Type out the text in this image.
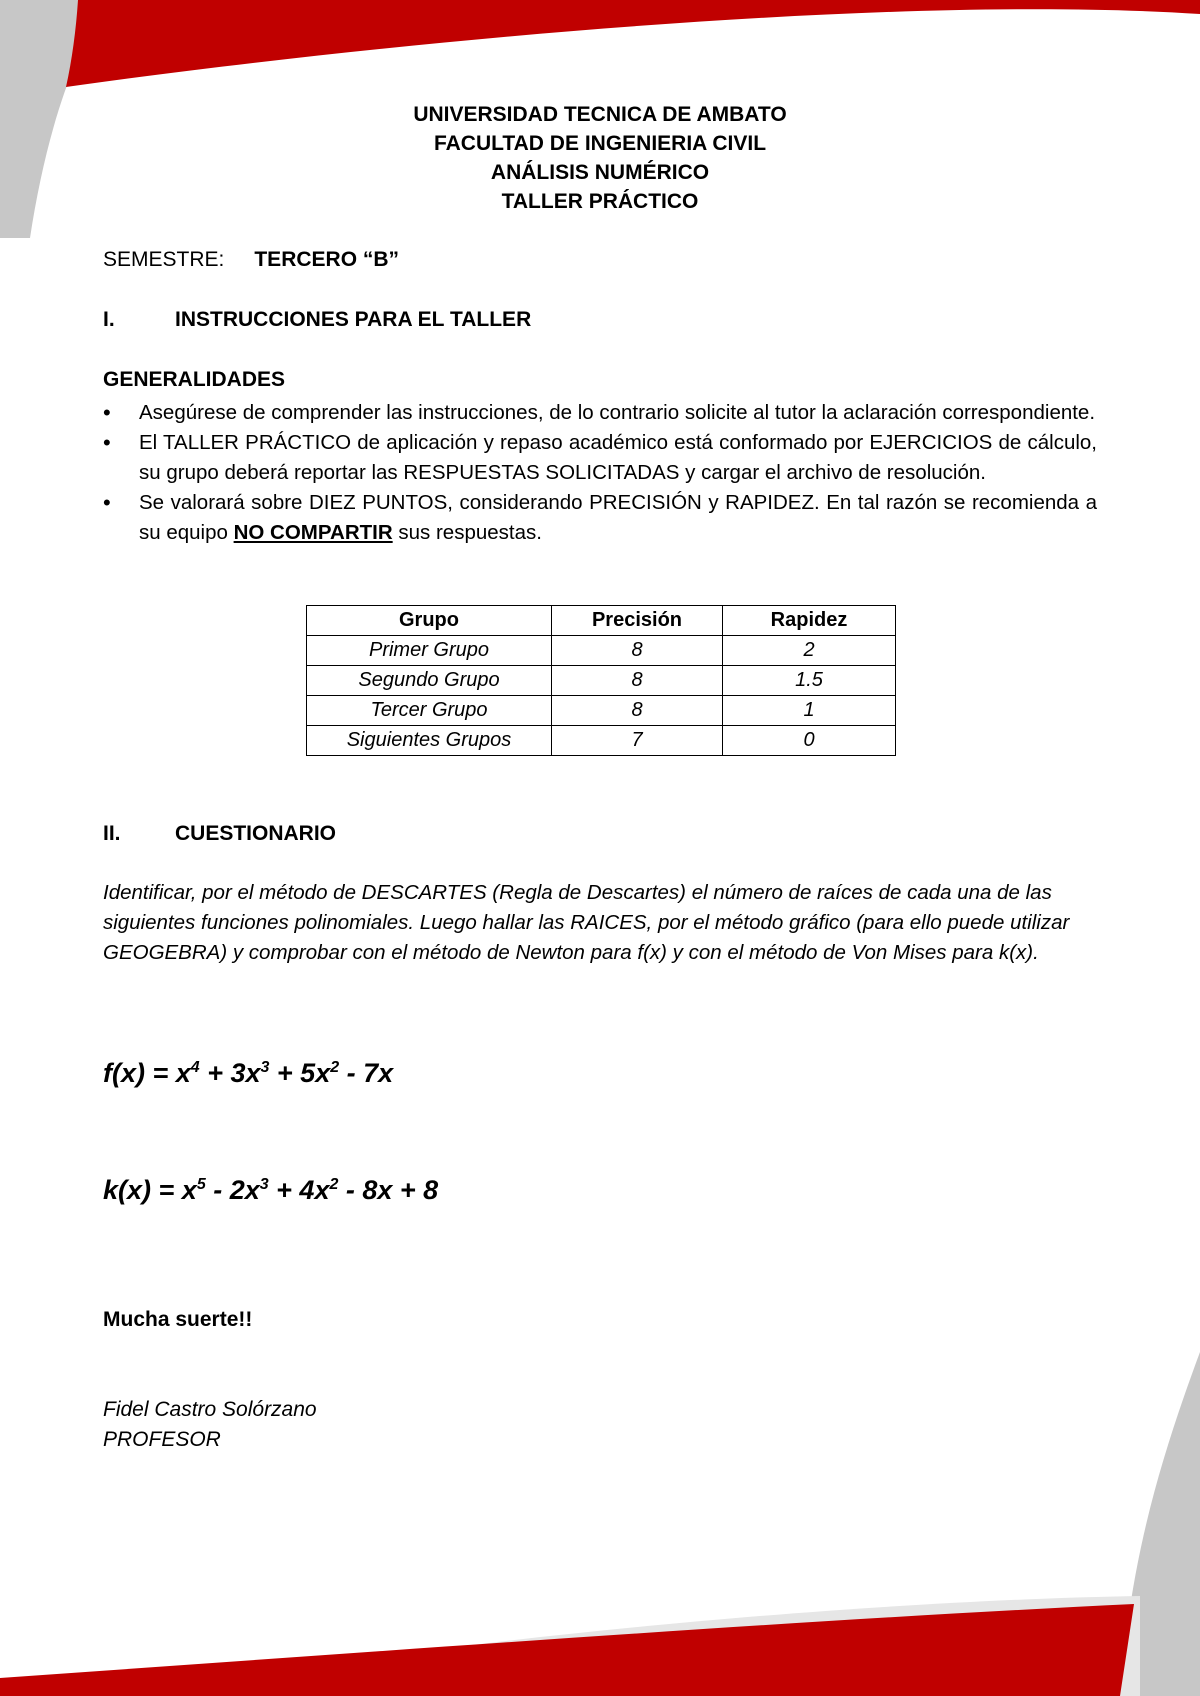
UNIVERSIDAD TECNICA DE AMBATO
FACULTAD DE INGENIERIA CIVIL
ANÁLISIS NUMÉRICO
TALLER PRÁCTICO
SEMESTRE: TERCERO “B”
I.	INSTRUCCIONES PARA EL TALLER
GENERALIDADES
• Asegúrese de comprender las instrucciones, de lo contrario solicite al tutor la aclaración correspondiente.
• El TALLER PRÁCTICO de aplicación y repaso académico está conformado por EJERCICIOS de cálculo, su grupo deberá reportar las RESPUESTAS SOLICITADAS y cargar el archivo de resolución.
• Se valorará sobre DIEZ PUNTOS, considerando PRECISIÓN y RAPIDEZ. En tal razón se recomienda a su equipo NO COMPARTIR sus respuestas.
Grupo	Precisión	Rapidez
Primer Grupo	8	2
Segundo Grupo	8	1.5
Tercer Grupo	8	1
Siguientes Grupos	7	0
II.	CUESTIONARIO
Identificar, por el método de DESCARTES (Regla de Descartes) el número de raíces de cada una de las siguientes funciones polinomiales. Luego hallar las RAICES, por el método gráfico (para ello puede utilizar GEOGEBRA) y comprobar con el método de Newton para f(x) y con el método de Von Mises para k(x).
$f(x) = x^4 + 3x^3 + 5x^2 - 7x$
$k(x) = x^5 - 2x^3 + 4x^2 - 8x + 8$
Mucha suerte!!
Fidel Castro Solórzano
PROFESOR
